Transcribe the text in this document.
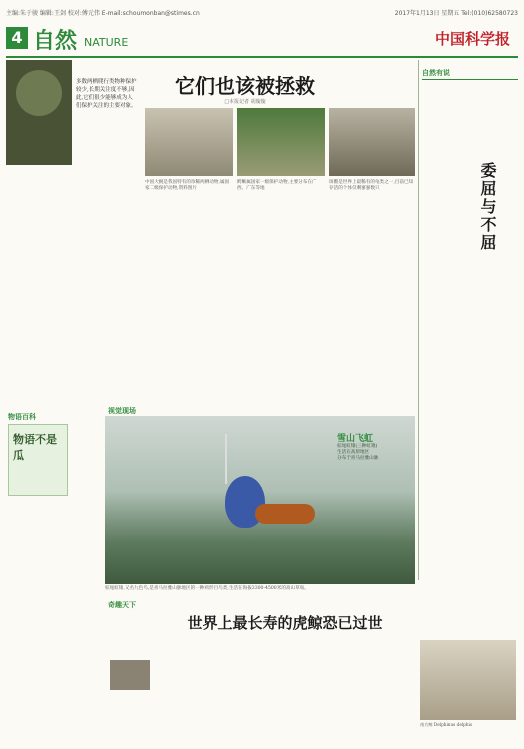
主编:朱于骏 编辑:王剑 校对:傅元伟 E-mail:schoumonban@stimes.cn	2017年1月13日 星期五 Tel:(010)62580723
4 自然 NATURE	中国科学报
多数两栖爬行类物种保护较少,长期关注度不够,因此,它们很少能够成为人们保护关注的主要对象。
它们也该被拯救
□本报记者 胡璇璇
中国大鲵是我国特有的珍稀两栖动物,属国家二级保护动物,资料图片
鳄蜥属国家一级保护动物,主要分布在广西、广东等地
斑鳖是世界上最稀有的龟类之一,目前已知存活的个体仅剩寥寥数只
自然有说
委屈与不屈
物语百科
物语不是瓜
视觉现场
雪山飞虹
棕尾虹雉(三种虹雉)
生活在高原地区
分布于喜马拉雅山脉
棕尾虹雉,又名九色鸟,是喜马拉雅山脉地区的一种鸡形目鸟类,生活在海拔3300-4500米的高山草甸。
奇趣天下
世界上最长寿的虎鲸恐已过世
南方鲸 Delphinus delphis
